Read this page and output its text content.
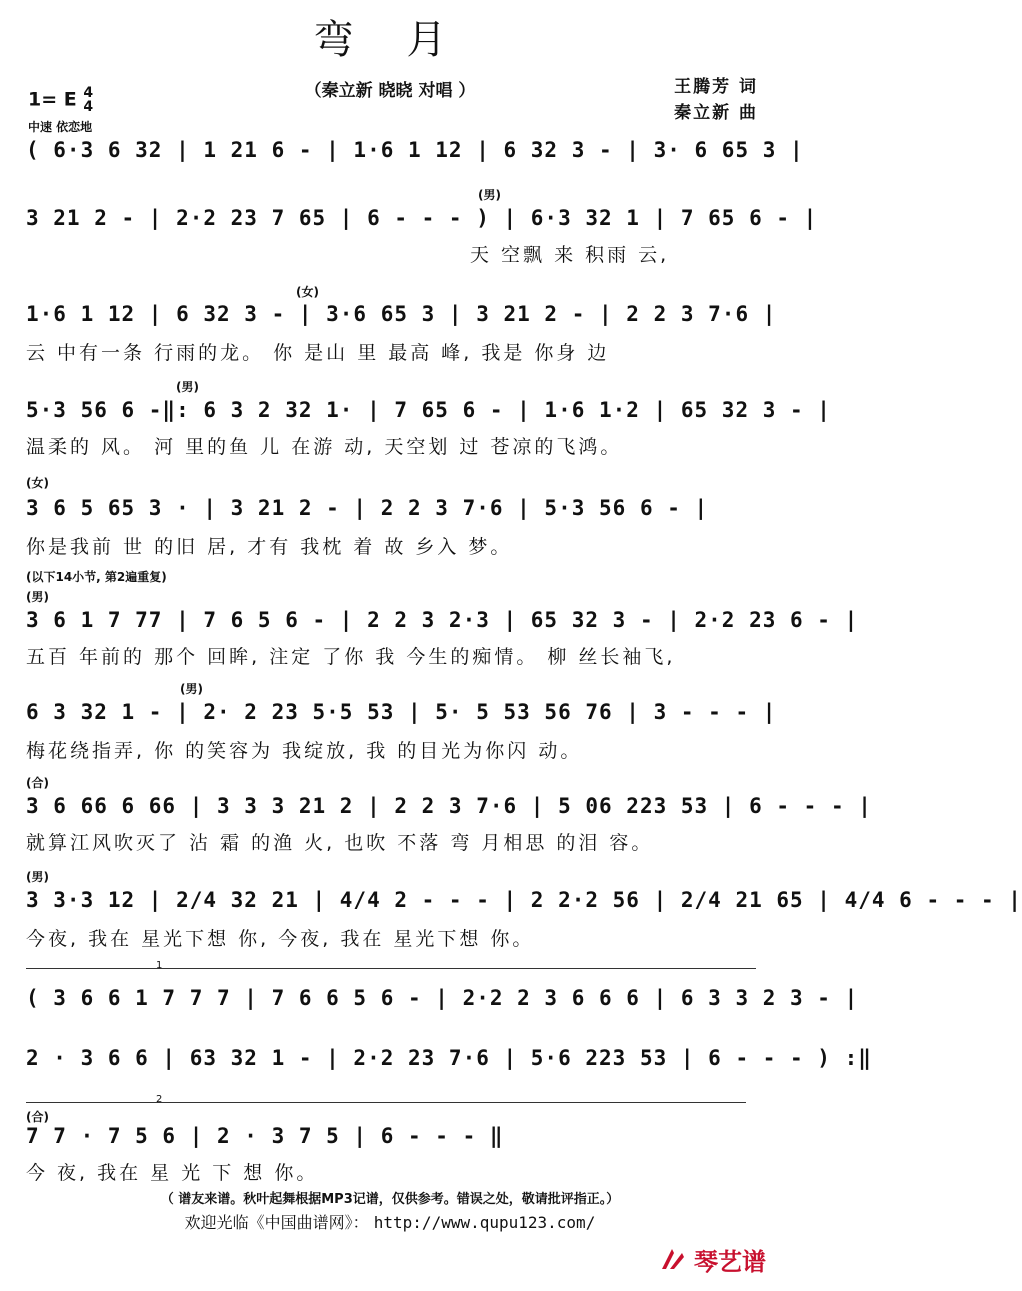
弯 月
（秦立新 晓晓 对唱 ）	王腾芳 词
秦立新 曲
1= E 4
4
中速 依恋地
( 6·3 6 32 | 1 21 6 - | 1·6 1 12 | 6 32 3 - | 3· 6 65 3 |
(男)
3 21 2 - | 2·2 23 7 65 | 6 - - - ) | 6·3 32 1 | 7 65 6 - |
天 空飘 来 积雨 云,
(女)
1·6 1 12 | 6 32 3 - | 3·6 65 3 | 3 21 2 - | 2 2 3 7·6 |
云 中有一条 行雨的龙。 你 是山 里 最高 峰, 我是 你身 边
(男)
5·3 56 6 -‖: 6 3 2 32 1· | 7 65 6 - | 1·6 1·2 | 65 32 3 - |
温柔的 风。 河 里的鱼 儿 在游 动, 天空划 过 苍凉的飞鸿。
(女)
3 6 5 65 3 · | 3 21 2 - | 2 2 3 7·6 | 5·3 56 6 - |
你是我前 世 的旧 居, 才有 我枕 着 故 乡入 梦。
(以下14小节, 第2遍重复)
(男)
3 6 1 7 77 | 7 6 5 6 - | 2 2 3 2·3 | 65 32 3 - | 2·2 23 6 - |
五百 年前的 那个 回眸, 注定 了你 我 今生的痴情。 柳 丝长袖飞,
(男)
6 3 32 1 - | 2· 2 23 5·5 53 | 5· 5 53 56 76 | 3 - - - |
梅花绕指弄, 你 的笑容为 我绽放, 我 的目光为你闪 动。
(合)
3 6 66 6 66 | 3 3 3 21 2 | 2 2 3 7·6 | 5 06 223 53 | 6 - - - |
就算江风吹灭了 沾 霜 的渔 火, 也吹 不落 弯 月相思 的泪 容。
(男)
3 3·3 12 | 2/4 32 21 | 4/4 2 - - - | 2 2·2 56 | 2/4 21 65 | 4/4 6 - - - |
今夜, 我在 星光下想 你, 今夜, 我在 星光下想 你。
1
( 3 6 6 1 7 7 7 | 7 6 6 5 6 - | 2·2 2 3 6 6 6 | 6 3 3 2 3 - |
2 · 3 6 6 | 63 32 1 - | 2·2 23 7·6 | 5·6 223 53 | 6 - - - ) :‖
2
(合)
7 7 · 7 5 6 | 2 · 3 7 5 | 6 - - - ‖
今 夜, 我在 星 光 下 想 你。
（ 谱友来谱。秋叶起舞根据MP3记谱，仅供参考。错误之处，敬请批评指正。）
欢迎光临《中国曲谱网》： http://www.qupu123.com/
琴艺谱
